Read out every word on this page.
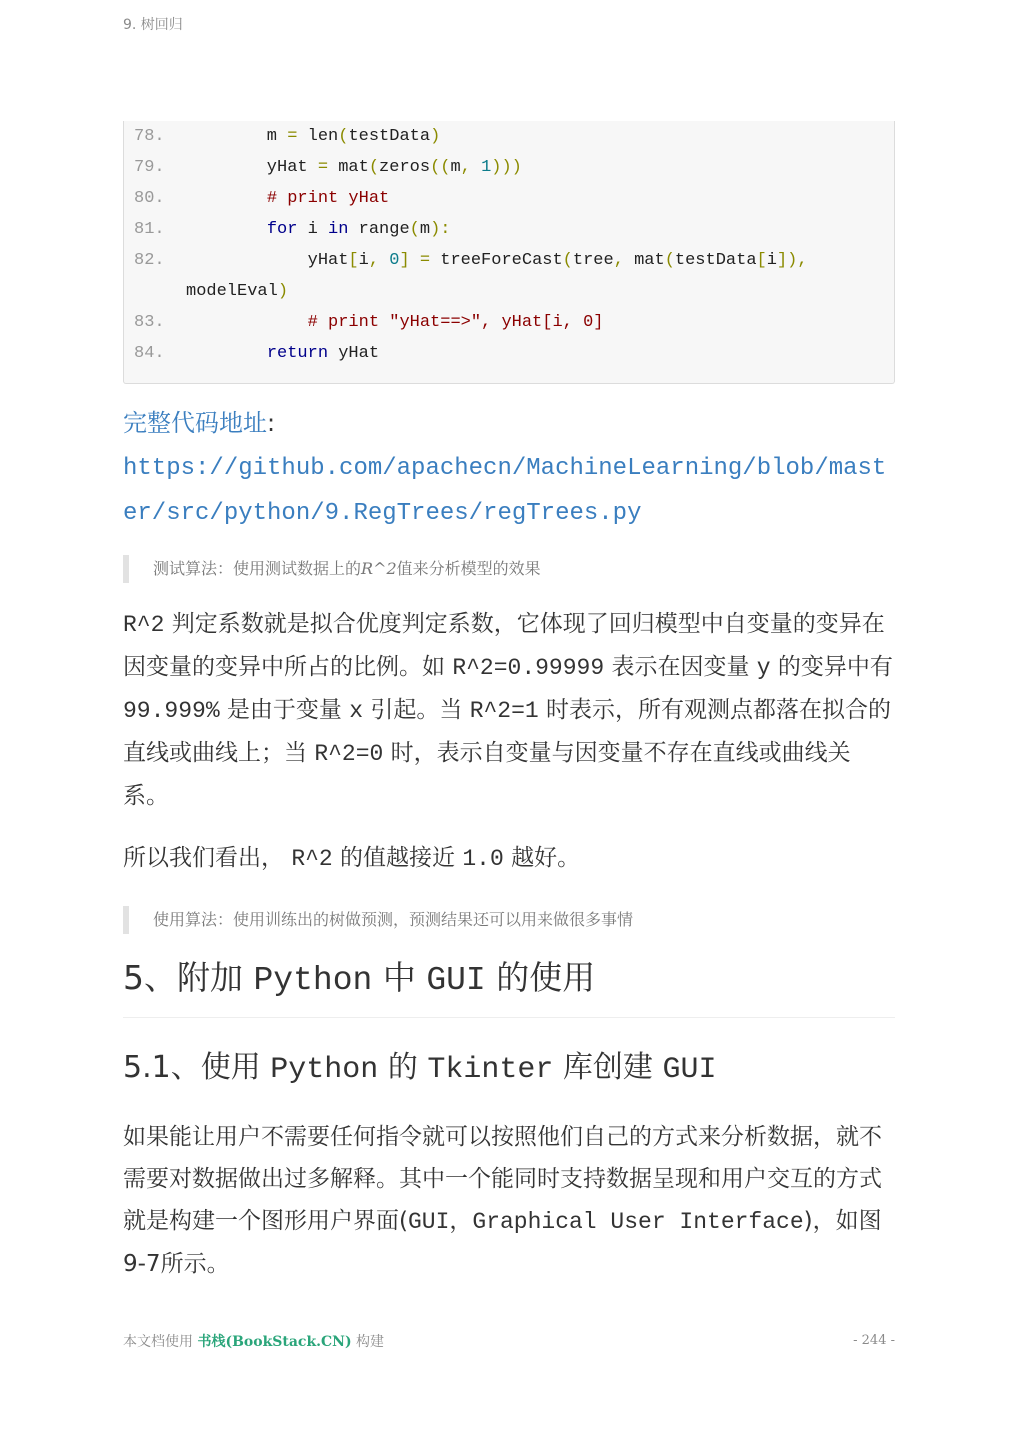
9. 树回归
78.	m = len(testData)
79.	yHat = mat(zeros((m, 1)))
80.	# print yHat
81.	for i in range(m):
82.	yHat[i, 0] = treeForeCast(tree, mat(testData[i]),
modelEval)
83.	# print "yHat==>", yHat[i, 0]
84.	return yHat
完整代码地址:
https://github.com/apachecn/MachineLearning/blob/master/src/python/9.RegTrees/regTrees.py
测试算法：使用测试数据上的R^2值来分析模型的效果
R^2 判定系数就是拟合优度判定系数，它体现了回归模型中自变量的变异在因变量的变异中所占的比例。如 R^2=0.99999 表示在因变量 y 的变异中有 99.999% 是由于变量 x 引起。当 R^2=1 时表示，所有观测点都落在拟合的直线或曲线上；当 R^2=0 时，表示自变量与因变量不存在直线或曲线关系。
所以我们看出， R^2 的值越接近 1.0 越好。
使用算法：使用训练出的树做预测，预测结果还可以用来做很多事情
5、附加 Python 中 GUI 的使用
5.1、使用 Python 的 Tkinter 库创建 GUI
如果能让用户不需要任何指令就可以按照他们自己的方式来分析数据，就不需要对数据做出过多解释。其中一个能同时支持数据呈现和用户交互的方式就是构建一个图形用户界面(GUI，Graphical User Interface)，如图9-7所示。
本文档使用 书栈(BookStack.CN) 构建	- 244 -
